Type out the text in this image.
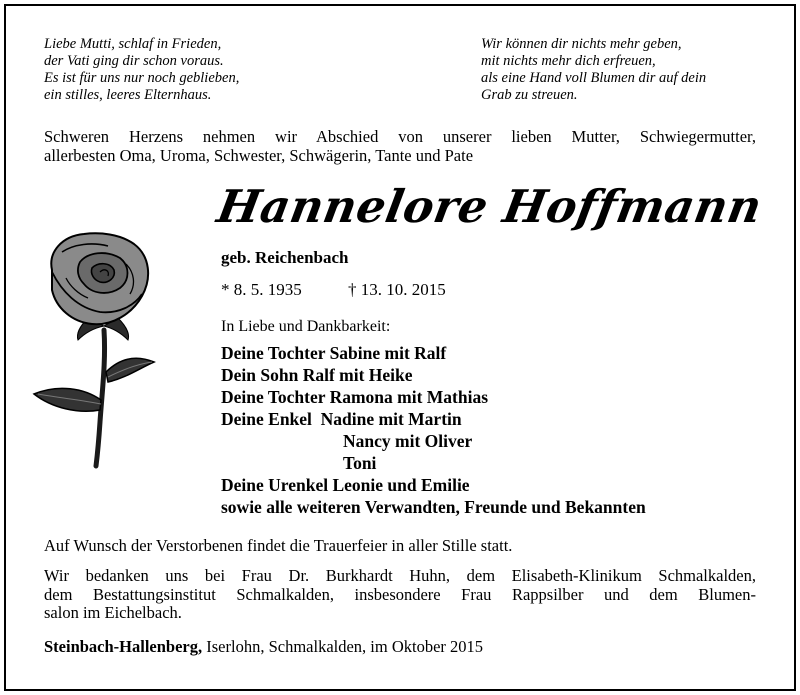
Liebe Mutti, schlaf in Frieden,
der Vati ging dir schon voraus.
Es ist für uns nur noch geblieben,
ein stilles, leeres Elternhaus.
Wir können dir nichts mehr geben,
mit nichts mehr dich erfreuen,
als eine Hand voll Blumen dir auf dein
Grab zu streuen.
Schweren Herzens nehmen wir Abschied von unserer lieben Mutter, Schwiegermutter,
allerbesten Oma, Uroma, Schwester, Schwägerin, Tante und Pate
Hannelore Hoffmann
geb. Reichenbach
* 8. 5. 1935	† 13. 10. 2015
In Liebe und Dankbarkeit:
Deine Tochter Sabine mit Ralf
Dein Sohn Ralf mit Heike
Deine Tochter Ramona mit Mathias
Deine Enkel  Nadine mit Martin
Nancy mit Oliver
Toni
Deine Urenkel Leonie und Emilie
sowie alle weiteren Verwandten, Freunde und Bekannten
Auf Wunsch der Verstorbenen findet die Trauerfeier in aller Stille statt.
Wir bedanken uns bei Frau Dr. Burkhardt Huhn, dem Elisabeth-Klinikum Schmalkalden,
dem Bestattungsinstitut Schmalkalden, insbesondere Frau Rappsilber und dem Blumen-
salon im Eichelbach.
Steinbach-Hallenberg, Iserlohn, Schmalkalden, im Oktober 2015
